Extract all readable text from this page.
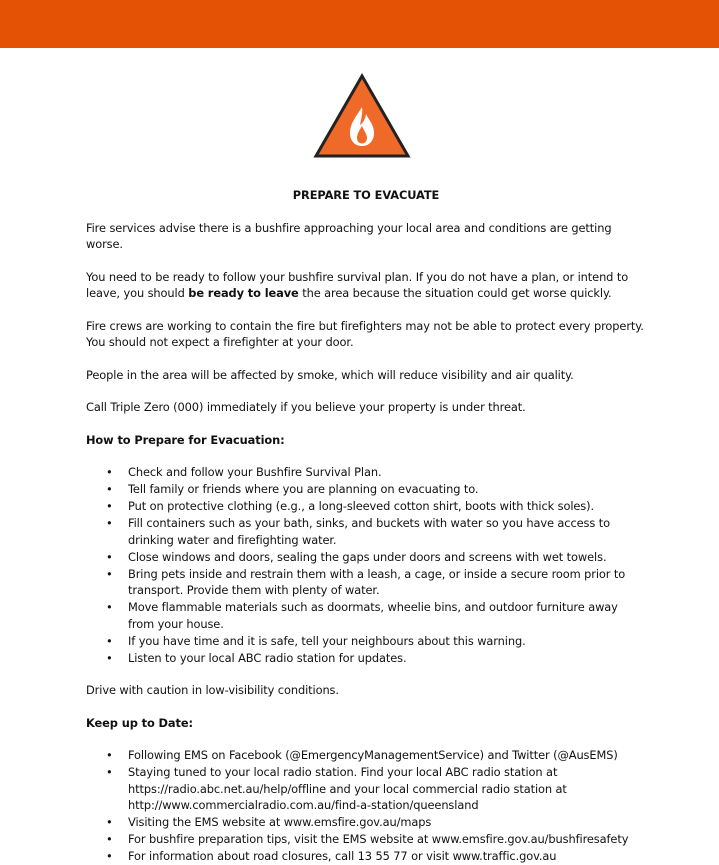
PREPARE TO EVACUATE

Fire services advise there is a bushfire approaching your local area and conditions are getting worse.

You need to be ready to follow your bushfire survival plan. If you do not have a plan, or intend to leave, you should be ready to leave the area because the situation could get worse quickly.

Fire crews are working to contain the fire but firefighters may not be able to protect every property. You should not expect a firefighter at your door.

People in the area will be affected by smoke, which will reduce visibility and air quality.

Call Triple Zero (000) immediately if you believe your property is under threat.

How to Prepare for Evacuation:
• Check and follow your Bushfire Survival Plan.
• Tell family or friends where you are planning on evacuating to.
• Put on protective clothing (e.g., a long-sleeved cotton shirt, boots with thick soles).
• Fill containers such as your bath, sinks, and buckets with water so you have access to drinking water and firefighting water.
• Close windows and doors, sealing the gaps under doors and screens with wet towels.
• Bring pets inside and restrain them with a leash, a cage, or inside a secure room prior to transport. Provide them with plenty of water.
• Move flammable materials such as doormats, wheelie bins, and outdoor furniture away from your house.
• If you have time and it is safe, tell your neighbours about this warning.
• Listen to your local ABC radio station for updates.

Drive with caution in low-visibility conditions.

Keep up to Date:
• Following EMS on Facebook (@EmergencyManagementService) and Twitter (@AusEMS)
• Staying tuned to your local radio station. Find your local ABC radio station at https://radio.abc.net.au/help/offline and your local commercial radio station at http://www.commercialradio.com.au/find-a-station/queensland
• Visiting the EMS website at www.emsfire.gov.au/maps
• For bushfire preparation tips, visit the EMS website at www.emsfire.gov.au/bushfiresafety
• For information about road closures, call 13 55 77 or visit www.traffic.gov.au
